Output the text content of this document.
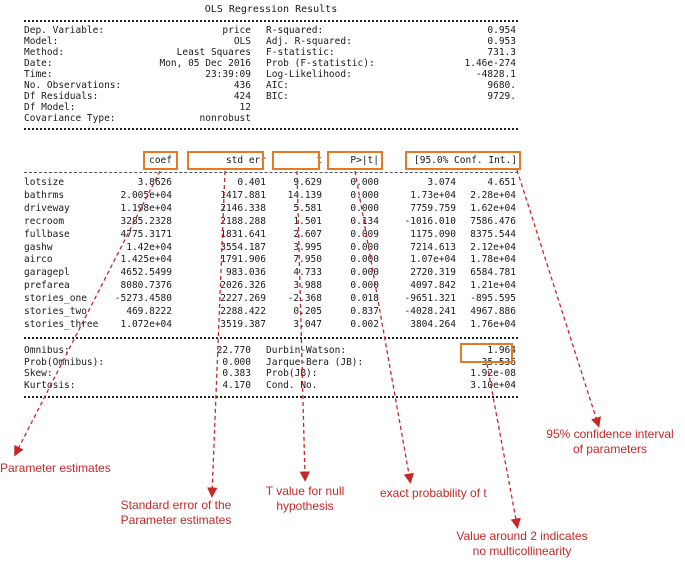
OLS Regression Results
Dep. Variable:	price
Model:	OLS
Method:	Least Squares
Date:	Mon, 05 Dec 2016
Time:	23:39:09
No. Observations:	436
Df Residuals:	424
Df Model:	12
Covariance Type:	nonrobust
R-squared:	0.954
Adj. R-squared:	0.953
F-statistic:	731.3
Prob (F-statistic):	1.46e-274
Log-Likelihood:	-4828.1
AIC:	9680.
BIC:	9729.
coef	std err	t	P>|t|	[95.0% Conf. Int.]
lotsize	3.8626	0.401	9.629	0.000	3.074	4.651
bathrms	2.005e+04	1417.881	14.139	0.000	1.73e+04	2.28e+04
driveway	1.198e+04	2146.338	5.581	0.000	7759.759	1.62e+04
recroom	3285.2328	2188.288	1.501	0.134	-1016.010	7586.476
fullbase	4775.3171	1831.641	2.607	0.009	1175.090	8375.544
gashw	1.42e+04	3554.187	3.995	0.000	7214.613	2.12e+04
airco	1.425e+04	1791.906	7.950	0.000	1.07e+04	1.78e+04
garagepl	4652.5499	983.036	4.733	0.000	2720.319	6584.781
prefarea	8080.7376	2026.326	3.988	0.000	4097.842	1.21e+04
stories_one	-5273.4580	2227.269	-2.368	0.018	-9651.321	-895.595
stories_two	469.8222	2288.422	0.205	0.837	-4028.241	4967.886
stories_three	1.072e+04	3519.387	3.047	0.002	3804.264	1.76e+04
Omnibus:	22.770
Prob(Omnibus):	0.000
Skew:	0.383
Kurtosis:	4.170
Durbin-Watson:	1.964
Jarque-Bera (JB):	35.536
Prob(JB):	1.92e-08
Cond. No.	3.10e+04
Parameter estimates
Standard error of the
Parameter estimates
T value for null
hypothesis
exact probability of t
95% confidence interval
of parameters
Value around 2 indicates
no multicollinearity
